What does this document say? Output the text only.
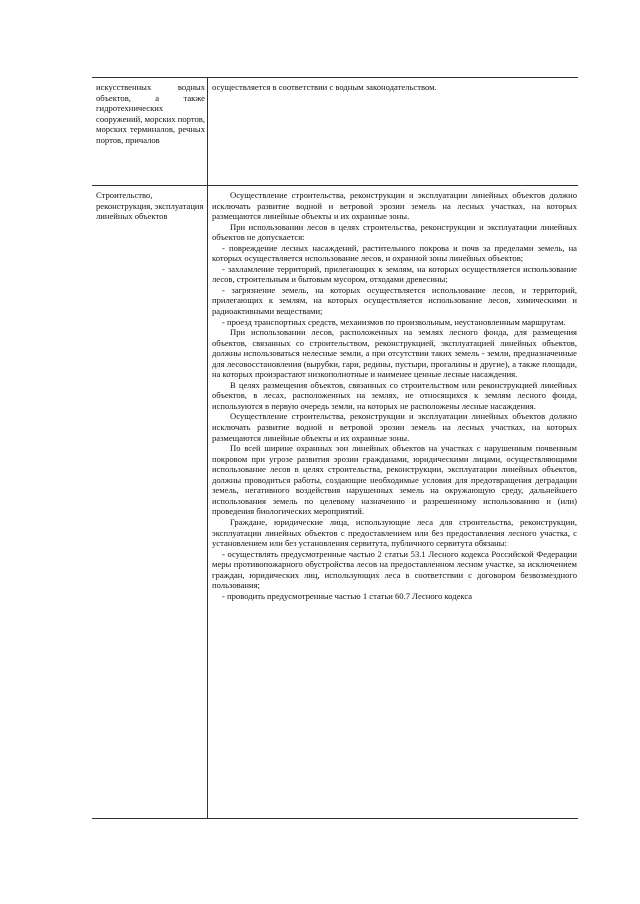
искусственных водных объектов, а также гидротехнических сооружений, морских портов, морских терминалов, речных портов, причалов

осуществляется в соответствии с водным законодательством.

Строительство, реконструкция, эксплуатация линейных объектов

Осуществление строительства, реконструкции и эксплуатации линейных объектов должно исключать развитие водной и ветровой эрозии земель на лесных участках, на которых размещаются линейные объекты и их охранные зоны.

При использовании лесов в целях строительства, реконструкции и эксплуатации линейных объектов не допускается:

- повреждение лесных насаждений, растительного покрова и почв за пределами земель, на которых осуществляется использование лесов, и охранной зоны линейных объектов;

- захламление территорий, прилегающих к землям, на которых осуществляется использование лесов, строительным и бытовым мусором, отходами древесины;

- загрязнение земель, на которых осуществляется использование лесов, и территорий, прилегающих к землям, на которых осуществляется использование лесов, химическими и радиоактивными веществами;

- проезд транспортных средств, механизмов по произвольным, неустановленным маршрутам.

При использовании лесов, расположенных на землях лесного фонда, для размещения объектов, связанных со строительством, реконструкцией, эксплуатацией линейных объектов, должны использоваться нелесные земли, а при отсутствии таких земель - земли, предназначенные для лесовосстановления (вырубки, гари, редины, пустыри, прогалины и другие), а также площади, на которых произрастают низкополнотные и наименее ценные лесные насаждения.

В целях размещения объектов, связанных со строительством или реконструкцией линейных объектов, в лесах, расположенных на землях, не относящихся к землям лесного фонда, используются в первую очередь земли, на которых не расположены лесные насаждения.

Осуществление строительства, реконструкции и эксплуатации линейных объектов должно исключать развитие водной и ветровой эрозии земель на лесных участках, на которых размещаются линейные объекты и их охранные зоны.

По всей ширине охранных зон линейных объектов на участках с нарушенным почвенным покровом при угрозе развития эрозии гражданами, юридическими лицами, осуществляющими использование лесов в целях строительства, реконструкции, эксплуатации линейных объектов, должны проводиться работы, создающие необходимые условия для предотвращения деградации земель, негативного воздействия нарушенных земель на окружающую среду, дальнейшего использования земель по целевому назначению и разрешенному использованию и (или) проведения биологических мероприятий.

Граждане, юридические лица, использующие леса для строительства, реконструкции, эксплуатации линейных объектов с предоставлением или без предоставления лесного участка, с установлением или без установления сервитута, публичного сервитута обязаны:

- осуществлять предусмотренные частью 2 статьи 53.1 Лесного кодекса Российской Федерации меры противопожарного обустройства лесов на предоставленном лесном участке, за исключением граждан, юридических лиц, использующих леса в соответствии с договором безвозмездного пользования;

- проводить предусмотренные частью 1 статьи 60.7 Лесного кодекса
